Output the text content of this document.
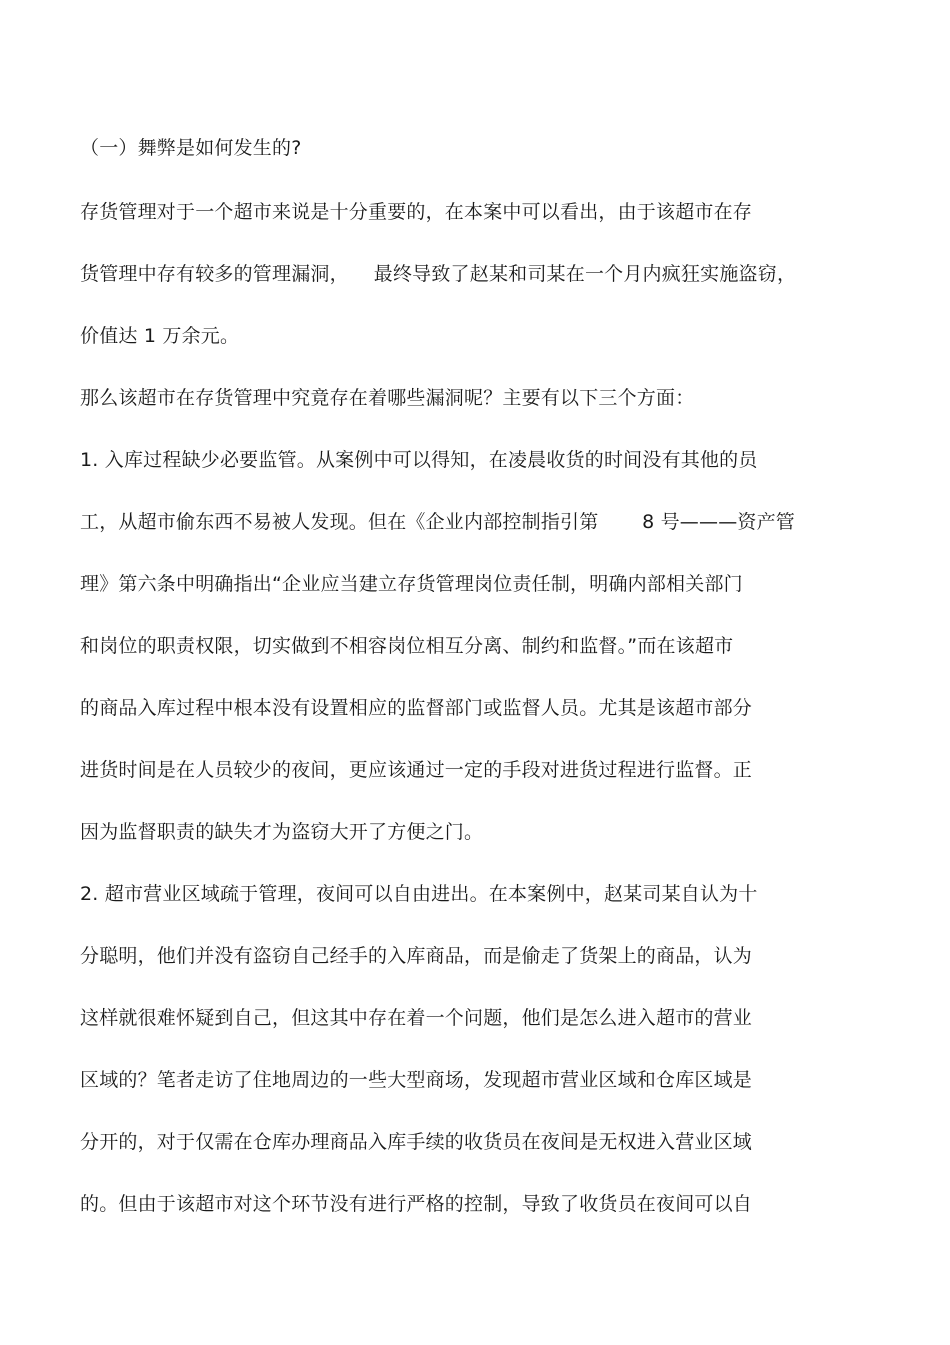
（一）舞弊是如何发生的?
存货管理对于一个超市来说是十分重要的，在本案中可以看出，由于该超市在存
货管理中存有较多的管理漏洞，    最终导致了赵某和司某在一个月内疯狂实施盗窃，
价值达 1 万余元。
那么该超市在存货管理中究竟存在着哪些漏洞呢？主要有以下三个方面：
1. 入库过程缺少必要监管。从案例中可以得知，在凌晨收货的时间没有其他的员
工，从超市偷东西不易被人发现。但在《企业内部控制指引第       8 号———资产管
理》第六条中明确指出“企业应当建立存货管理岗位责任制，明确内部相关部门
和岗位的职责权限，切实做到不相容岗位相互分离、制约和监督。”而在该超市
的商品入库过程中根本没有设置相应的监督部门或监督人员。尤其是该超市部分
进货时间是在人员较少的夜间，更应该通过一定的手段对进货过程进行监督。正
因为监督职责的缺失才为盗窃大开了方便之门。
2. 超市营业区域疏于管理，夜间可以自由进出。在本案例中，赵某司某自认为十
分聪明，他们并没有盗窃自己经手的入库商品，而是偷走了货架上的商品，认为
这样就很难怀疑到自己，但这其中存在着一个问题，他们是怎么进入超市的营业
区域的？笔者走访了住地周边的一些大型商场，发现超市营业区域和仓库区域是
分开的，对于仅需在仓库办理商品入库手续的收货员在夜间是无权进入营业区域
的。但由于该超市对这个环节没有进行严格的控制，导致了收货员在夜间可以自
